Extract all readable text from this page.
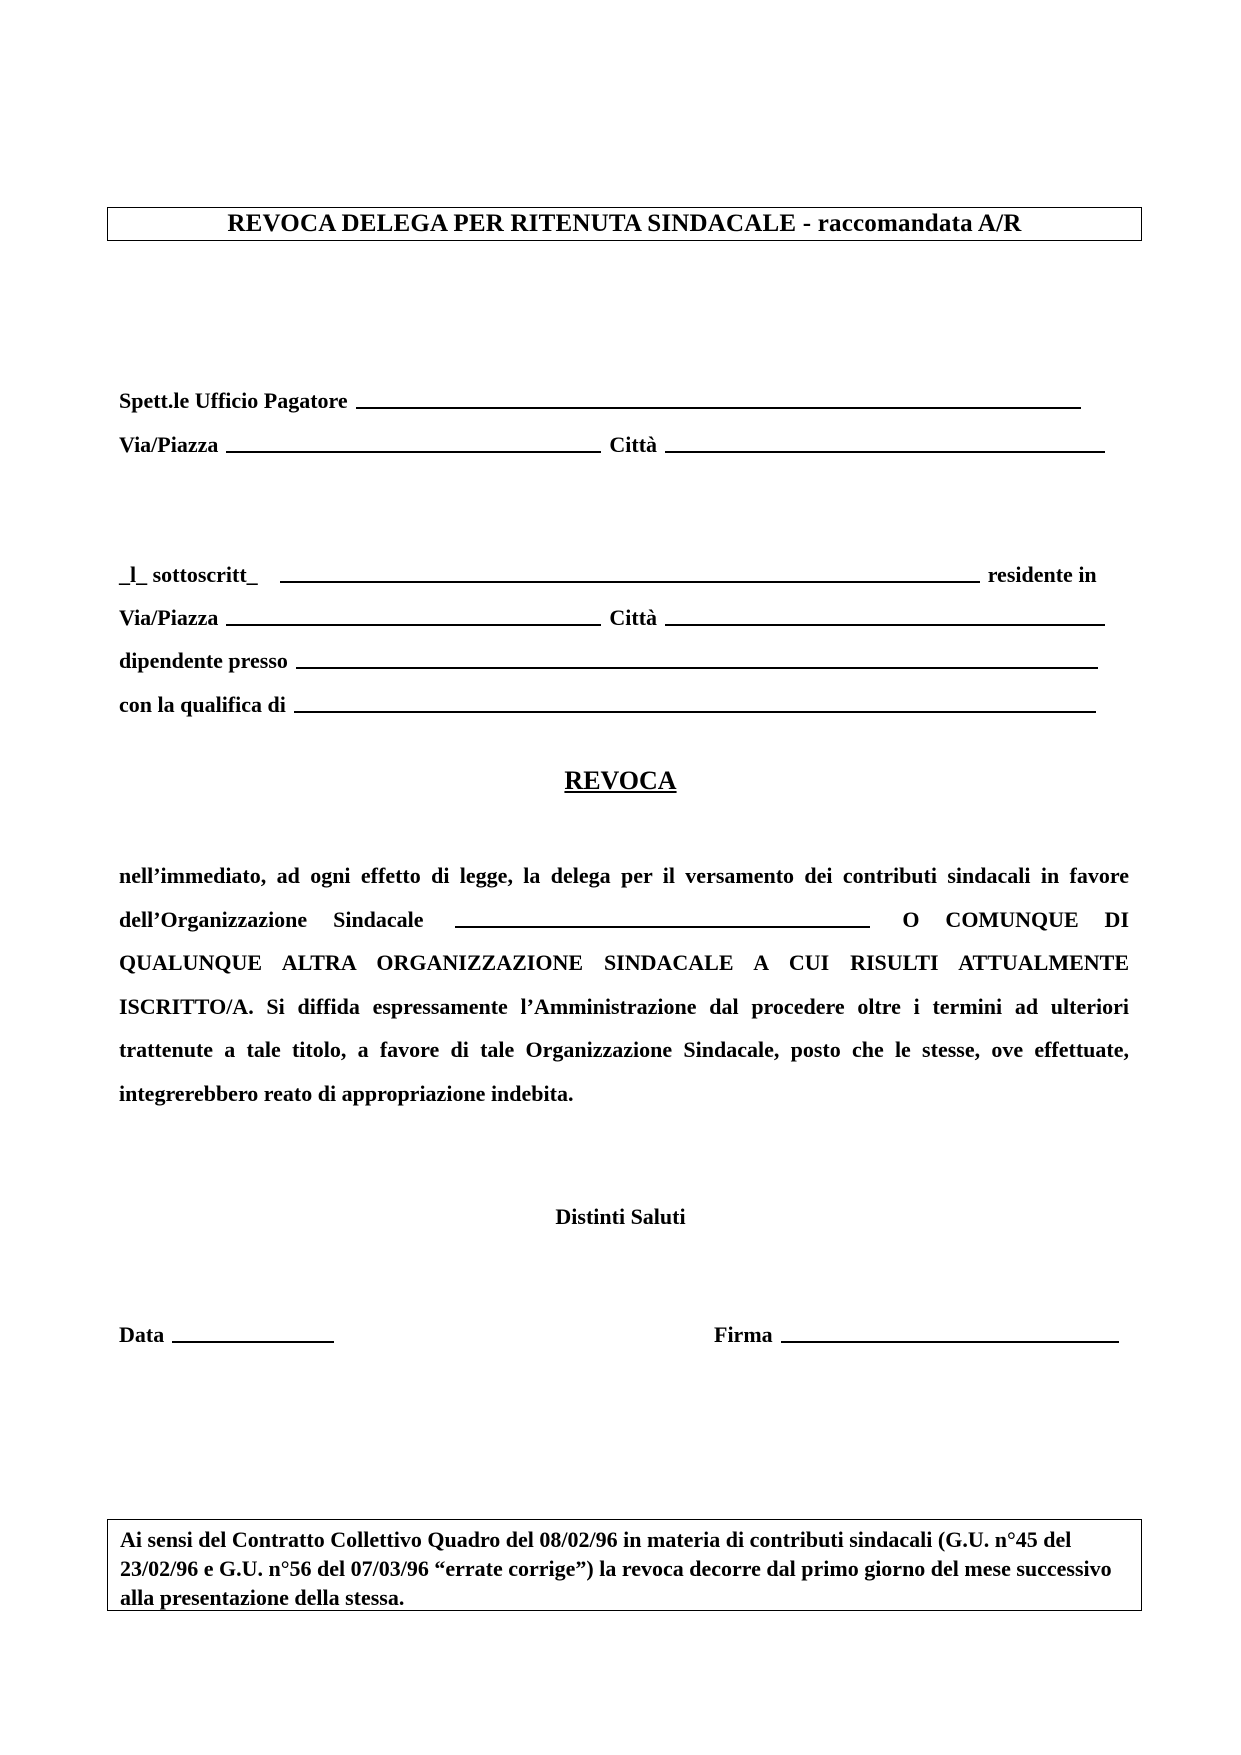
REVOCA DELEGA PER RITENUTA SINDACALE - raccomandata A/R
Spett.le Ufficio Pagatore
Via/Piazza	Città
_l_ sottoscritt_	residente in
Via/Piazza	Città
dipendente presso
con la qualifica di
REVOCA
nell’immediato, ad ogni effetto di legge, la delega per il versamento dei contributi sindacali in favore dell’Organizzazione Sindacale	O COMUNQUE DI QUALUNQUE ALTRA ORGANIZZAZIONE SINDACALE A CUI RISULTI ATTUALMENTE ISCRITTO/A. Si diffida espressamente l’Amministrazione dal procedere oltre i termini ad ulteriori trattenute a tale titolo, a favore di tale Organizzazione Sindacale, posto che le stesse, ove effettuate, integrerebbero reato di appropriazione indebita.
Distinti Saluti
Data	Firma
Ai sensi del Contratto Collettivo Quadro del 08/02/96 in materia di contributi sindacali (G.U. n°45 del 23/02/96 e G.U. n°56 del 07/03/96 “errate corrige”) la revoca decorre dal primo giorno del mese successivo alla presentazione della stessa.
